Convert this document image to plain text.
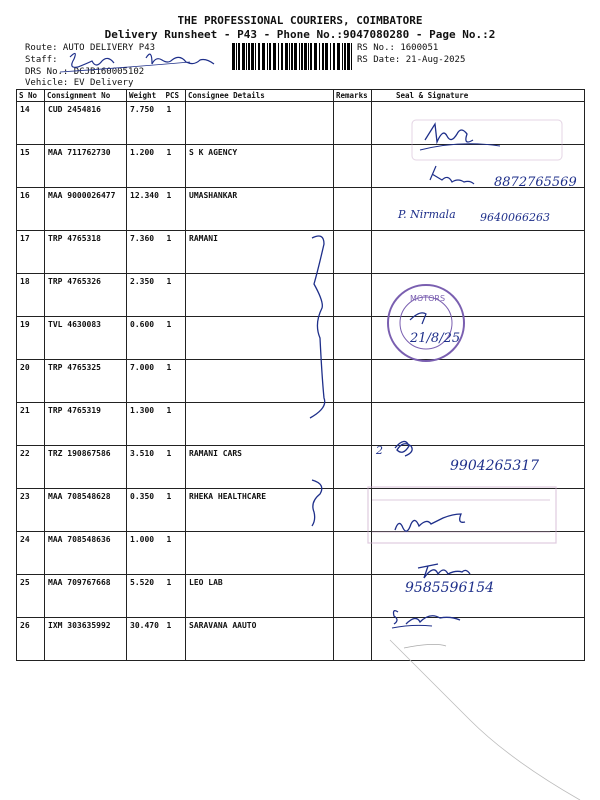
THE PROFESSIONAL COURIERS, COIMBATORE
Delivery Runsheet - P43 - Phone No.:9047080280 - Page No.:2
Route: AUTO DELIVERY P43
Staff:
DRS No.: DCJB160005102
Vehicle: EV Delivery
RS No.: 1600051
RS Date: 21-Aug-2025
S No	Consignment No	Weight	PCS	Consignee Details	Remarks	Seal & Signature
14	CUD 2454816	7.750	1			
15	MAA 711762730	1.200	1	S K AGENCY		
16	MAA 9000026477	12.340	1	UMASHANKAR		
17	TRP 4765318	7.360	1	RAMANI		
18	TRP 4765326	2.350	1			
19	TVL 4630083	0.600	1			
20	TRP 4765325	7.000	1			
21	TRP 4765319	1.300	1			
22	TRZ 190867586	3.510	1	RAMANI CARS		
23	MAA 708548628	0.350	1	RHEKA HEALTHCARE		
24	MAA 708548636	1.000	1			
25	MAA 709767668	5.520	1	LEO LAB		
26	IXM 303635992	30.470	1	SARAVANA AAUTO		
8872765569
P. Nirmala 9640066263
MOTORS
21/8/25
2
9904265317
9585596154
